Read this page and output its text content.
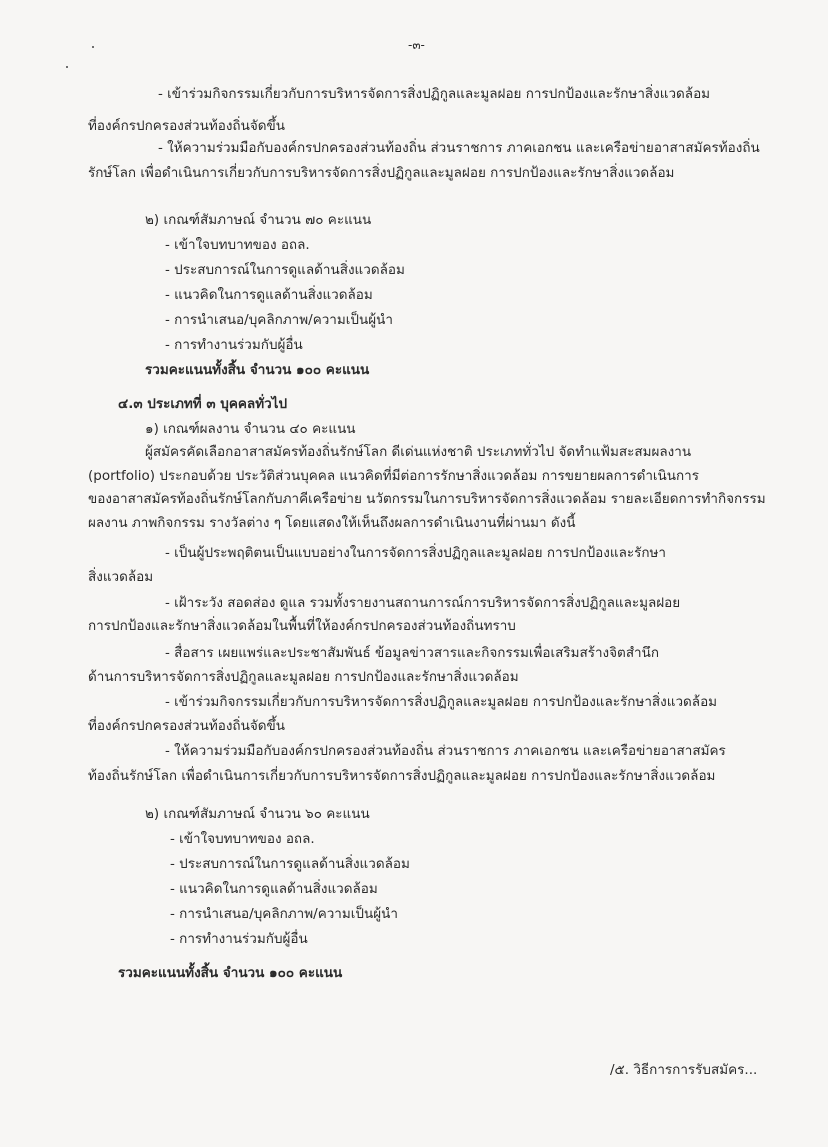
-๓-
- เข้าร่วมกิจกรรมเกี่ยวกับการบริหารจัดการสิ่งปฏิกูลและมูลฝอย การปกป้องและรักษาสิ่งแวดล้อม
ที่องค์กรปกครองส่วนท้องถิ่นจัดขึ้น
- ให้ความร่วมมือกับองค์กรปกครองส่วนท้องถิ่น ส่วนราชการ ภาคเอกชน และเครือข่ายอาสาสมัครท้องถิ่น
รักษ์โลก เพื่อดำเนินการเกี่ยวกับการบริหารจัดการสิ่งปฏิกูลและมูลฝอย การปกป้องและรักษาสิ่งแวดล้อม
๒) เกณฑ์สัมภาษณ์ จำนวน ๗๐ คะแนน
- เข้าใจบทบาทของ อถล.
- ประสบการณ์ในการดูแลด้านสิ่งแวดล้อม
- แนวคิดในการดูแลด้านสิ่งแวดล้อม
- การนำเสนอ/บุคลิกภาพ/ความเป็นผู้นำ
- การทำงานร่วมกับผู้อื่น
รวมคะแนนทั้งสิ้น จำนวน ๑๐๐ คะแนน
๔.๓ ประเภทที่ ๓ บุคคลทั่วไป
๑) เกณฑ์ผลงาน จำนวน ๔๐ คะแนน
ผู้สมัครคัดเลือกอาสาสมัครท้องถิ่นรักษ์โลก ดีเด่นแห่งชาติ ประเภททั่วไป จัดทำแฟ้มสะสมผลงาน
(portfolio) ประกอบด้วย ประวัติส่วนบุคคล แนวคิดที่มีต่อการรักษาสิ่งแวดล้อม การขยายผลการดำเนินการ
ของอาสาสมัครท้องถิ่นรักษ์โลกกับภาคีเครือข่าย นวัตกรรมในการบริหารจัดการสิ่งแวดล้อม รายละเอียดการทำกิจกรรม
ผลงาน ภาพกิจกรรม รางวัลต่าง ๆ โดยแสดงให้เห็นถึงผลการดำเนินงานที่ผ่านมา ดังนี้
- เป็นผู้ประพฤติตนเป็นแบบอย่างในการจัดการสิ่งปฏิกูลและมูลฝอย การปกป้องและรักษา
สิ่งแวดล้อม
- เฝ้าระวัง สอดส่อง ดูแล รวมทั้งรายงานสถานการณ์การบริหารจัดการสิ่งปฏิกูลและมูลฝอย
การปกป้องและรักษาสิ่งแวดล้อมในพื้นที่ให้องค์กรปกครองส่วนท้องถิ่นทราบ
- สื่อสาร เผยแพร่และประชาสัมพันธ์ ข้อมูลข่าวสารและกิจกรรมเพื่อเสริมสร้างจิตสำนึก
ด้านการบริหารจัดการสิ่งปฏิกูลและมูลฝอย การปกป้องและรักษาสิ่งแวดล้อม
- เข้าร่วมกิจกรรมเกี่ยวกับการบริหารจัดการสิ่งปฏิกูลและมูลฝอย การปกป้องและรักษาสิ่งแวดล้อม
ที่องค์กรปกครองส่วนท้องถิ่นจัดขึ้น
- ให้ความร่วมมือกับองค์กรปกครองส่วนท้องถิ่น ส่วนราชการ ภาคเอกชน และเครือข่ายอาสาสมัคร
ท้องถิ่นรักษ์โลก เพื่อดำเนินการเกี่ยวกับการบริหารจัดการสิ่งปฏิกูลและมูลฝอย การปกป้องและรักษาสิ่งแวดล้อม
๒) เกณฑ์สัมภาษณ์ จำนวน ๖๐ คะแนน
- เข้าใจบทบาทของ อถล.
- ประสบการณ์ในการดูแลด้านสิ่งแวดล้อม
- แนวคิดในการดูแลด้านสิ่งแวดล้อม
- การนำเสนอ/บุคลิกภาพ/ความเป็นผู้นำ
- การทำงานร่วมกับผู้อื่น
รวมคะแนนทั้งสิ้น จำนวน ๑๐๐ คะแนน
/๕. วิธีการการรับสมัคร...
